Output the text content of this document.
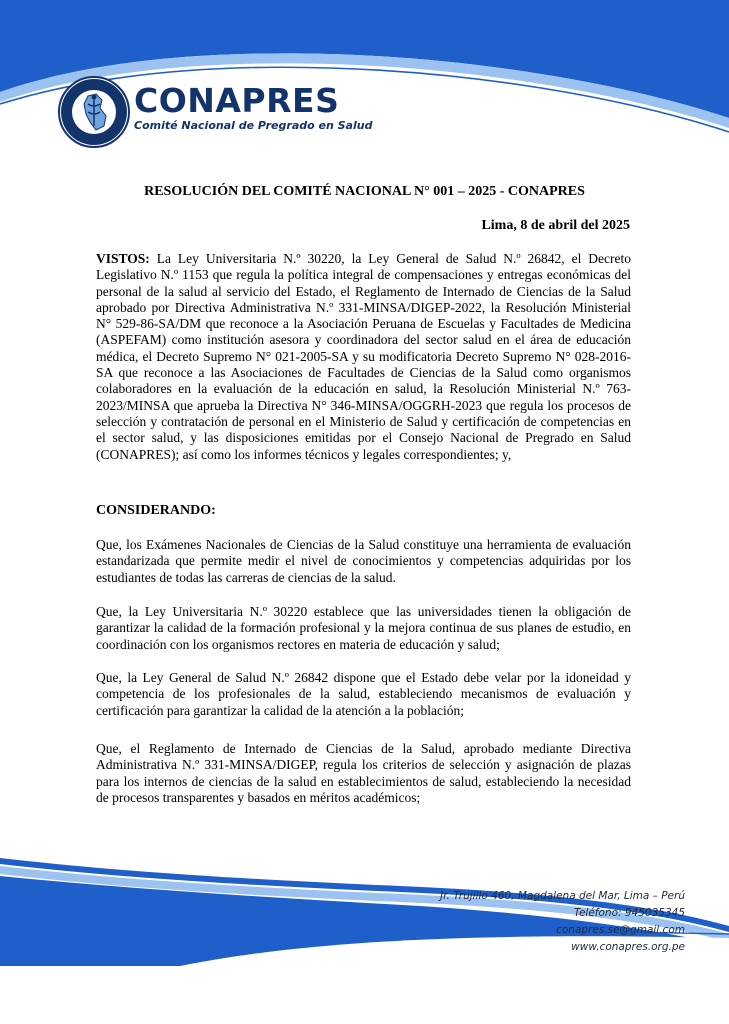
CONAPRES
Comité Nacional de Pregrado en Salud
RESOLUCIÓN DEL COMITÉ NACIONAL N° 001 – 2025 - CONAPRES
Lima, 8 de abril del 2025
VISTOS: La Ley Universitaria N.º 30220, la Ley General de Salud N.º 26842, el Decreto Legislativo N.º 1153 que regula la política integral de compensaciones y entregas económicas del personal de la salud al servicio del Estado, el Reglamento de Internado de Ciencias de la Salud aprobado por Directiva Administrativa N.º 331-MINSA/DIGEP-2022, la Resolución Ministerial N° 529-86-SA/DM que reconoce a la Asociación Peruana de Escuelas y Facultades de Medicina (ASPEFAM) como institución asesora y coordinadora del sector salud en el área de educación médica, el Decreto Supremo N° 021-2005-SA y su modificatoria Decreto Supremo N° 028-2016-SA que reconoce a las Asociaciones de Facultades de Ciencias de la Salud como organismos colaboradores en la evaluación de la educación en salud, la Resolución Ministerial N.º 763-2023/MINSA que aprueba la Directiva N° 346-MINSA/OGGRH-2023 que regula los procesos de selección y contratación de personal en el Ministerio de Salud y certificación de competencias en el sector salud, y las disposiciones emitidas por el Consejo Nacional de Pregrado en Salud (CONAPRES); así como los informes técnicos y legales correspondientes; y,
CONSIDERANDO:
Que, los Exámenes Nacionales de Ciencias de la Salud constituye una herramienta de evaluación estandarizada que permite medir el nivel de conocimientos y competencias adquiridas por los estudiantes de todas las carreras de ciencias de la salud.
Que, la Ley Universitaria N.º 30220 establece que las universidades tienen la obligación de garantizar la calidad de la formación profesional y la mejora continua de sus planes de estudio, en coordinación con los organismos rectores en materia de educación y salud;
Que, la Ley General de Salud N.º 26842 dispone que el Estado debe velar por la idoneidad y competencia de los profesionales de la salud, estableciendo mecanismos de evaluación y certificación para garantizar la calidad de la atención a la población;
Que, el Reglamento de Internado de Ciencias de la Salud, aprobado mediante Directiva Administrativa N.º 331-MINSA/DIGEP, regula los criterios de selección y asignación de plazas para los internos de ciencias de la salud en establecimientos de salud, estableciendo la necesidad de procesos transparentes y basados en méritos académicos;
Jr. Trujillo 460, Magdalena del Mar, Lima – Perú
Teléfono: 945035345
conapres.se@gmail.com
www.conapres.org.pe
